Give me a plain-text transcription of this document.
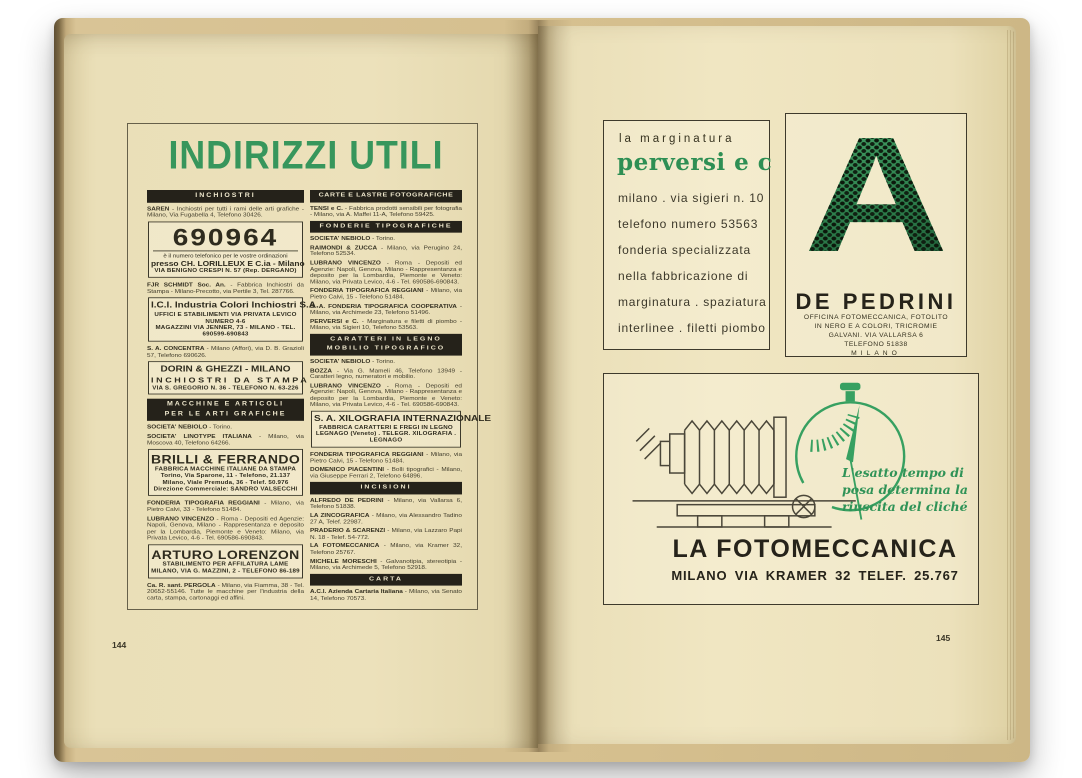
INDIRIZZI UTILI
INCHIOSTRI
SAREN - Inchiostri per tutti i rami delle arti grafiche - Milano, Via Fugabella 4, Telefono 30426.
690964
è il numero telefonico per le vostre ordinazioni
presso CH. LORILLEUX E C.ia - Milano
VIA BENIGNO CRESPI N. 57 (Rep. DERGANO)
FJR SCHMIDT Soc. An. - Fabbrica Inchiostri da Stampa - Milano-Precotto, via Pertile 3, Tel. 287766.
I.C.I. Industria Colori Inchiostri S.A.
UFFICI E STABILIMENTI VIA PRIVATA LEVICO NUMERO 4-6
MAGAZZINI VIA JENNER, 73 - MILANO - TEL. 690599-690843
S. A. CONCENTRA - Milano (Affori), via D. B. Grazioli 57, Telefono 690626.
DORIN & GHEZZI - MILANO
INCHIOSTRI DA STAMPA
VIA S. GREGORIO N. 36 - TELEFONO N. 63-226
MACCHINE E ARTICOLI
PER LE ARTI GRAFICHE
SOCIETA' NEBIOLO - Torino.
SOCIETA' LINOTYPE ITALIANA - Milano, via Moscova 40, Telefono 64266.
BRILLI & FERRANDO
FABBRICA MACCHINE ITALIANE DA STAMPA
Torino, Via Sparone, 11 - Telefono, 21.137
Milano, Viale Premuda, 36 - Telef. 50.976
Direzione Commerciale: SANDRO VALSECCHI
FONDERIA TIPOGRAFIA REGGIANI - Milano, via Pietro Calvi, 33 - Telefono 51484.
LUBRANO VINCENZO - Roma - Depositi ed Agenzie: Napoli, Genova, Milano - Rappresentanza e deposito per la Lombardia, Piemonte e Veneto: Milano, via Privata Levico, 4-6 - Tel. 690586-690843.
ARTURO LORENZON
STABILIMENTO PER AFFILATURA LAME
MILANO, VIA G. MAZZINI, 2 - TELEFONO 86-189
Ca. R. sant. PERGOLA - Milano, via Fiamma, 38 - Tel. 20652-55146. Tutte le macchine per l'industria della carta, stampa, cartonaggi ed affini.
CARTE E LASTRE FOTOGRAFICHE
TENSI e C. - Fabbrica prodotti sensibili per fotografia - Milano, via A. Maffei 11-A, Telefono 59425.
FONDERIE TIPOGRAFICHE
SOCIETA' NEBIOLO - Torino.
RAIMONDI & ZUCCA - Milano, via Perugino 24, Telefono 52534.
LUBRANO VINCENZO - Roma - Depositi ed Agenzie: Napoli, Genova, Milano - Rappresentanza e deposito per la Lombardia, Piemonte e Veneto: Milano, via Privata Levico, 4-6 - Tel. 690586-690843.
FONDERIA TIPOGRAFICA REGGIANI - Milano, via Pietro Calvi, 15 - Telefono 51484.
S. A. FONDERIA TIPOGRAFICA COOPERATIVA - Milano, via Archimede 23, Telefono 51496.
PERVERSI e C. - Marginatura e filetti di piombo - Milano, via Sigieri 10, Telefono 53563.
CARATTERI IN LEGNO
MOBILIO TIPOGRAFICO
SOCIETA' NEBIOLO - Torino.
BOZZA - Via G. Mameli 46, Telefono 13949 - Caratteri legno, numeratori e mobilio.
LUBRANO VINCENZO - Roma - Depositi ed Agenzie: Napoli, Genova, Milano - Rappresentanza e deposito per la Lombardia, Piemonte e Veneto: Milano, via Privata Levico, 4-6 - Tel. 690586-690843.
S. A. XILOGRAFIA INTERNAZIONALE
FABBRICA CARATTERI E FREGI IN LEGNO
LEGNAGO (Veneto) . TELEGR. XILOGRAFIA . LEGNAGO
FONDERIA TIPOGRAFICA REGGIANI - Milano, via Pietro Calvi, 15 - Telefono 51484.
DOMENICO PIACENTINI - Bolli tipografici - Milano, via Giuseppe Ferrari 2, Telefono 64896.
INCISIONI
ALFREDO DE PEDRINI - Milano, via Vallarsa 6, Telefono 51838.
LA ZINCOGRAFICA - Milano, via Alessandro Tadino 27 A, Telef. 22987.
PRADERIO & SCARENZI - Milano, via Lazzaro Papi N. 18 - Telef. 54-772.
LA FOTOMECCANICA - Milano, via Kramer 32, Telefono 25767.
MICHELE MORESCHI - Galvanotipia, stereotipia - Milano, via Archimede 5, Telefono 52918.
CARTA
A.C.I. Azienda Cartaria Italiana - Milano, via Senato 14, Telefono 70573.
144
la marginatura
perversi e c
milano . via sigieri n. 10
telefono numero 53563
fonderia specializzata
nella fabbricazione di
marginatura . spaziatura
interlinee . filetti piombo
A
DE PEDRINI
OFFICINA FOTOMECCANICA, FOTOLITO
IN NERO E A COLORI, TRICROMIE
GALVANI. VIA VALLARSA 6
TELEFONO 51838
MILANO
L'esatto tempo di
posa determina la
riuscita del cliché
LA FOTOMECCANICA
MILANO VIA KRAMER 32 TELEF. 25.767
145
